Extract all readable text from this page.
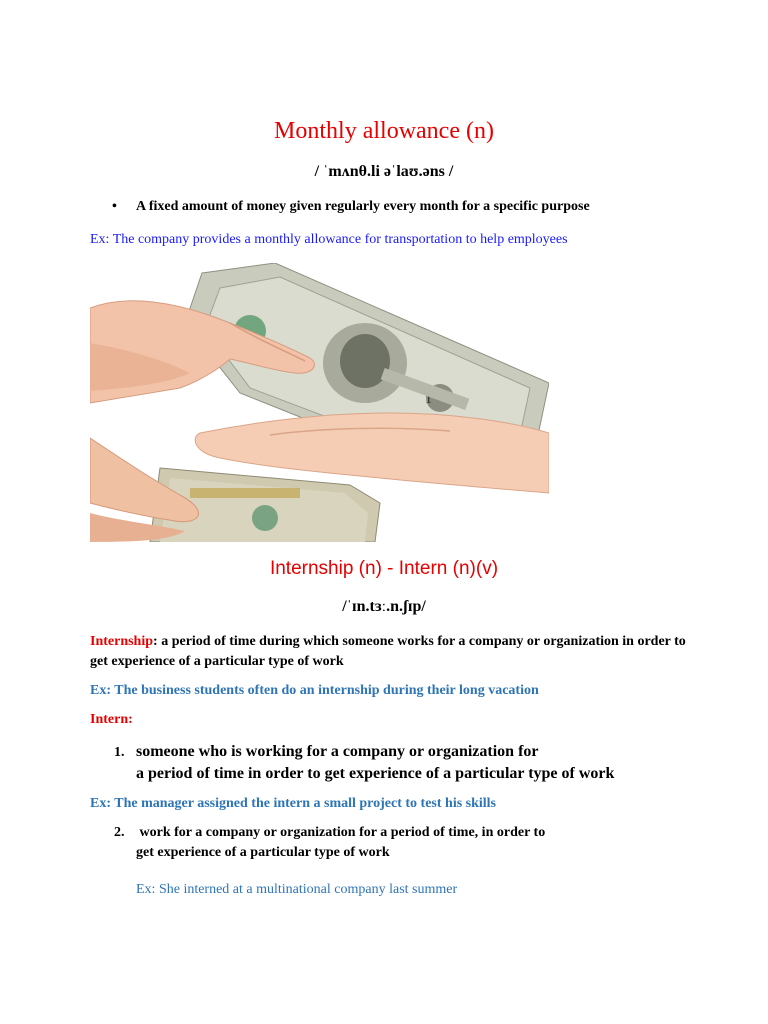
Monthly allowance (n)
/ ˈmʌnθ.li əˈlaʊ.əns /
• A fixed amount of money given regularly every month for a specific purpose
Ex: The company provides a monthly allowance for transportation to help employees
1
Internship (n) - Intern (n)(v)
/ˈɪn.tɜː.n.ʃɪp/
Internship: a period of time during which someone works for a company or organization in order to get experience of a particular type of work
Ex: The business students often do an internship during their long vacation
Intern:
1. someone who is working for a company or organization for
a period of time in order to get experience of a particular type of work
Ex: The manager assigned the intern a small project to test his skills
2. work for a company or organization for a period of time, in order to
get experience of a particular type of work
Ex: She interned at a multinational company last summer
